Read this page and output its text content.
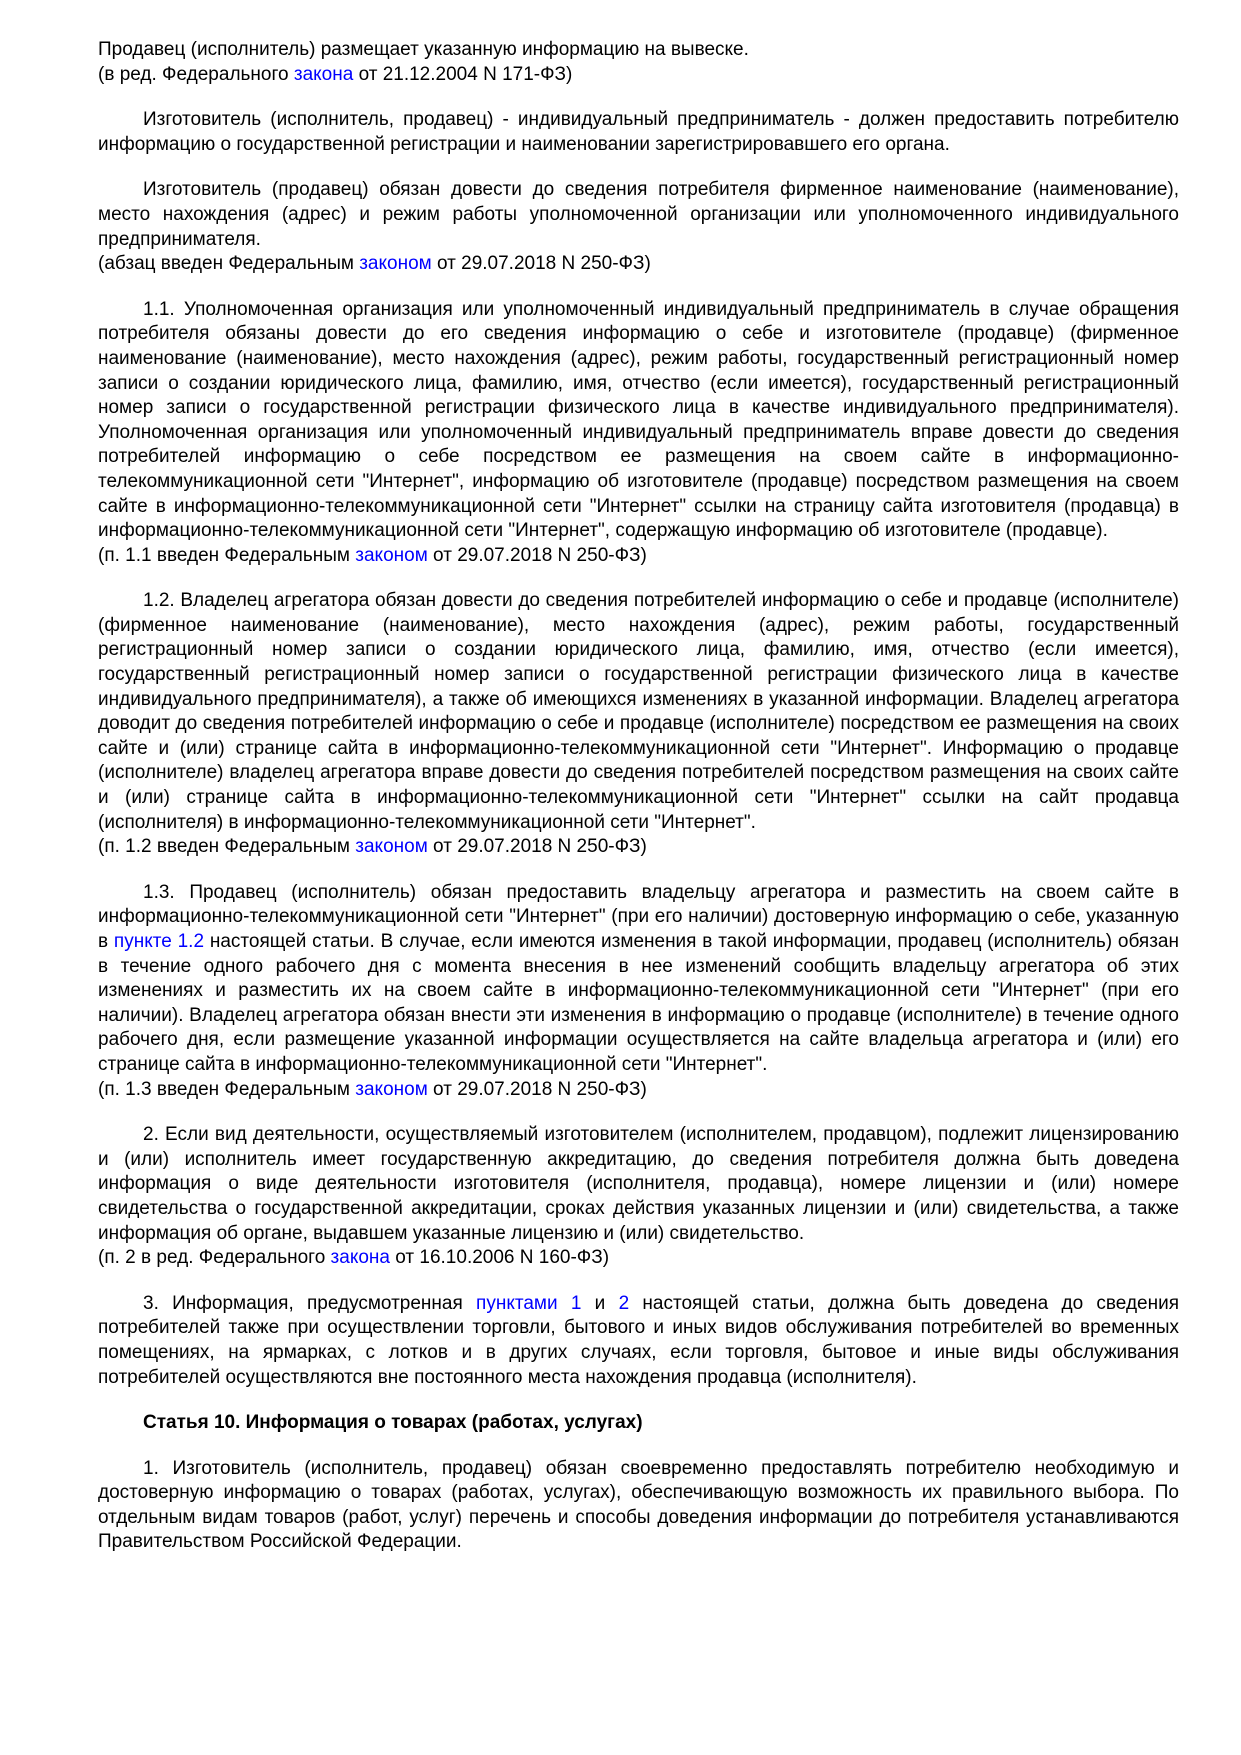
Продавец (исполнитель) размещает указанную информацию на вывеске.

(в ред. Федерального закона от 21.12.2004 N 171-ФЗ)

Изготовитель (исполнитель, продавец) - индивидуальный предприниматель - должен предоставить потребителю информацию о государственной регистрации и наименовании зарегистрировавшего его органа.

Изготовитель (продавец) обязан довести до сведения потребителя фирменное наименование (наименование), место нахождения (адрес) и режим работы уполномоченной организации или уполномоченного индивидуального предпринимателя.

(абзац введен Федеральным законом от 29.07.2018 N 250-ФЗ)

1.1. Уполномоченная организация или уполномоченный индивидуальный предприниматель в случае обращения потребителя обязаны довести до его сведения информацию о себе и изготовителе (продавце) (фирменное наименование (наименование), место нахождения (адрес), режим работы, государственный регистрационный номер записи о создании юридического лица, фамилию, имя, отчество (если имеется), государственный регистрационный номер записи о государственной регистрации физического лица в качестве индивидуального предпринимателя). Уполномоченная организация или уполномоченный индивидуальный предприниматель вправе довести до сведения потребителей информацию о себе посредством ее размещения на своем сайте в информационно-телекоммуникационной сети "Интернет", информацию об изготовителе (продавце) посредством размещения на своем сайте в информационно-телекоммуникационной сети "Интернет" ссылки на страницу сайта изготовителя (продавца) в информационно-телекоммуникационной сети "Интернет", содержащую информацию об изготовителе (продавце).

(п. 1.1 введен Федеральным законом от 29.07.2018 N 250-ФЗ)

1.2. Владелец агрегатора обязан довести до сведения потребителей информацию о себе и продавце (исполнителе) (фирменное наименование (наименование), место нахождения (адрес), режим работы, государственный регистрационный номер записи о создании юридического лица, фамилию, имя, отчество (если имеется), государственный регистрационный номер записи о государственной регистрации физического лица в качестве индивидуального предпринимателя), а также об имеющихся изменениях в указанной информации. Владелец агрегатора доводит до сведения потребителей информацию о себе и продавце (исполнителе) посредством ее размещения на своих сайте и (или) странице сайта в информационно-телекоммуникационной сети "Интернет". Информацию о продавце (исполнителе) владелец агрегатора вправе довести до сведения потребителей посредством размещения на своих сайте и (или) странице сайта в информационно-телекоммуникационной сети "Интернет" ссылки на сайт продавца (исполнителя) в информационно-телекоммуникационной сети "Интернет".

(п. 1.2 введен Федеральным законом от 29.07.2018 N 250-ФЗ)

1.3. Продавец (исполнитель) обязан предоставить владельцу агрегатора и разместить на своем сайте в информационно-телекоммуникационной сети "Интернет" (при его наличии) достоверную информацию о себе, указанную в пункте 1.2 настоящей статьи. В случае, если имеются изменения в такой информации, продавец (исполнитель) обязан в течение одного рабочего дня с момента внесения в нее изменений сообщить владельцу агрегатора об этих изменениях и разместить их на своем сайте в информационно-телекоммуникационной сети "Интернет" (при его наличии). Владелец агрегатора обязан внести эти изменения в информацию о продавце (исполнителе) в течение одного рабочего дня, если размещение указанной информации осуществляется на сайте владельца агрегатора и (или) его странице сайта в информационно-телекоммуникационной сети "Интернет".

(п. 1.3 введен Федеральным законом от 29.07.2018 N 250-ФЗ)

2. Если вид деятельности, осуществляемый изготовителем (исполнителем, продавцом), подлежит лицензированию и (или) исполнитель имеет государственную аккредитацию, до сведения потребителя должна быть доведена информация о виде деятельности изготовителя (исполнителя, продавца), номере лицензии и (или) номере свидетельства о государственной аккредитации, сроках действия указанных лицензии и (или) свидетельства, а также информация об органе, выдавшем указанные лицензию и (или) свидетельство.

(п. 2 в ред. Федерального закона от 16.10.2006 N 160-ФЗ)

3. Информация, предусмотренная пунктами 1 и 2 настоящей статьи, должна быть доведена до сведения потребителей также при осуществлении торговли, бытового и иных видов обслуживания потребителей во временных помещениях, на ярмарках, с лотков и в других случаях, если торговля, бытовое и иные виды обслуживания потребителей осуществляются вне постоянного места нахождения продавца (исполнителя).

Статья 10. Информация о товарах (работах, услугах)

1. Изготовитель (исполнитель, продавец) обязан своевременно предоставлять потребителю необходимую и достоверную информацию о товарах (работах, услугах), обеспечивающую возможность их правильного выбора. По отдельным видам товаров (работ, услуг) перечень и способы доведения информации до потребителя устанавливаются Правительством Российской Федерации.
